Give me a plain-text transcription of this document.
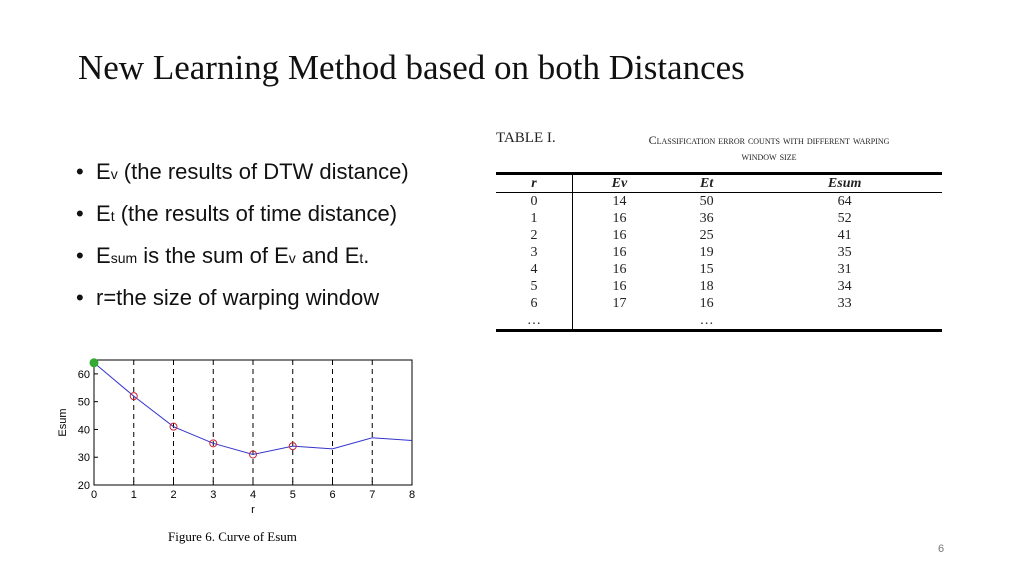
New Learning Method based on both Distances
• Ev (the results of DTW distance)
• Et (the results of time distance)
• Esum is the sum of Ev and Et.
• r=the size of warping window
TABLE I.	Classification error counts with different warping
window size
r	Ev	Et	Esum
0	14	50	64
1	16	36	52
2	16	25	41
3	16	19	35
4	16	15	31
5	16	18	34
6	17	16	33
…		…	
0	1	2	3	4	5	6	7	8
20
30
40
50
60
r
Esum
Figure 6. Curve of Esum
6
